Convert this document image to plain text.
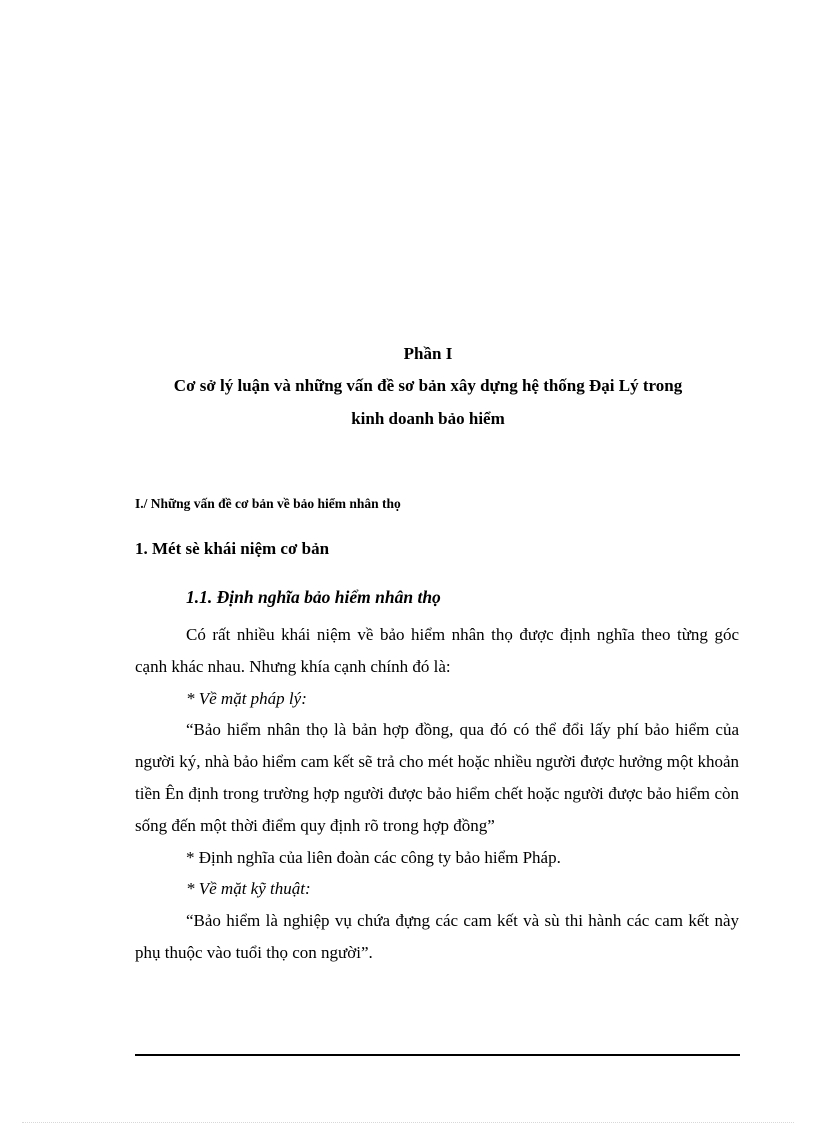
Phần I
Cơ sở lý luận và những vấn đề sơ bản xây dựng hệ thống Đại Lý trong
kinh doanh bảo hiểm
I./ Những vấn đề cơ bản về bảo hiểm nhân thọ
1. Mét sè khái niệm cơ bản
1.1. Định nghĩa bảo hiểm nhân thọ

Có rất nhiều khái niệm về bảo hiểm nhân thọ được định nghĩa theo từng góc cạnh khác nhau. Nhưng khía cạnh chính đó là:

* Về mặt pháp lý:

“Bảo hiểm nhân thọ là bản hợp đồng, qua đó có thể đổi lấy phí bảo hiểm của người ký, nhà bảo hiểm cam kết sẽ trả cho mét hoặc nhiều người được hưởng một khoản tiền Ên định trong trường hợp người được bảo hiểm chết hoặc người được bảo hiểm còn sống đến một thời điểm quy định rõ trong hợp đồng”

* Định nghĩa của liên đoàn các công ty bảo hiểm Pháp.

* Về mặt kỹ thuật:

“Bảo hiểm là nghiệp vụ chứa đựng các cam kết và sù thi hành các cam kết này phụ thuộc vào tuổi thọ con người”.
